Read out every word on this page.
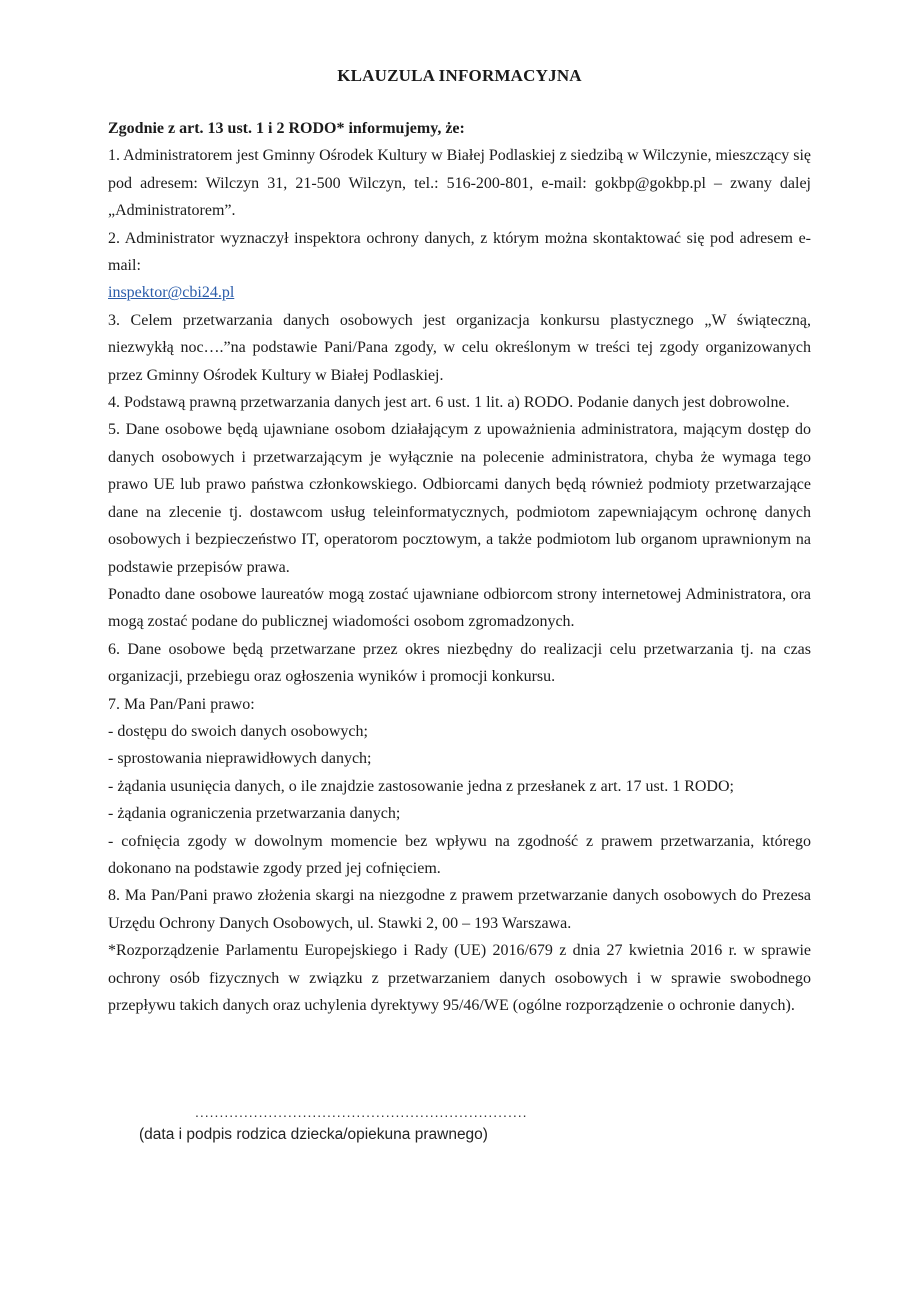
KLAUZULA INFORMACYJNA

Zgodnie z art. 13 ust. 1 i 2 RODO* informujemy, że:

1. Administratorem jest Gminny Ośrodek Kultury w Białej Podlaskiej z siedzibą w Wilczynie, mieszczący się pod adresem: Wilczyn 31, 21-500 Wilczyn, tel.: 516-200-801, e-mail: gokbp@gokbp.pl – zwany dalej „Administratorem”.

2. Administrator wyznaczył inspektora ochrony danych, z którym można skontaktować się pod adresem e-mail:

inspektor@cbi24.pl

3. Celem przetwarzania danych osobowych jest organizacja konkursu plastycznego „W świąteczną, niezwykłą noc….”na podstawie Pani/Pana zgody, w celu określonym w treści tej zgody organizowanych przez Gminny Ośrodek Kultury w Białej Podlaskiej.

4. Podstawą prawną przetwarzania danych jest art. 6 ust. 1 lit. a) RODO. Podanie danych jest dobrowolne.

5. Dane osobowe będą ujawniane osobom działającym z upoważnienia administratora, mającym dostęp do danych osobowych i przetwarzającym je wyłącznie na polecenie administratora, chyba że wymaga tego prawo UE lub prawo państwa członkowskiego. Odbiorcami danych będą również podmioty przetwarzające dane na zlecenie tj. dostawcom usług teleinformatycznych, podmiotom zapewniającym ochronę danych osobowych i bezpieczeństwo IT, operatorom pocztowym, a także podmiotom lub organom uprawnionym na podstawie przepisów prawa.

Ponadto dane osobowe laureatów mogą zostać ujawniane odbiorcom strony internetowej Administratora, ora mogą zostać podane do publicznej wiadomości osobom zgromadzonych.

6. Dane osobowe będą przetwarzane przez okres niezbędny do realizacji celu przetwarzania tj. na czas organizacji, przebiegu oraz ogłoszenia wyników i promocji konkursu.

7. Ma Pan/Pani prawo:

- dostępu do swoich danych osobowych;

- sprostowania nieprawidłowych danych;

- żądania usunięcia danych, o ile znajdzie zastosowanie jedna z przesłanek z art. 17 ust. 1 RODO;

- żądania ograniczenia przetwarzania danych;

- cofnięcia zgody w dowolnym momencie bez wpływu na zgodność z prawem przetwarzania, którego dokonano na podstawie zgody przed jej cofnięciem.

8. Ma Pan/Pani prawo złożenia skargi na niezgodne z prawem przetwarzanie danych osobowych do Prezesa Urzędu Ochrony Danych Osobowych, ul. Stawki 2, 00 – 193 Warszawa.

*Rozporządzenie Parlamentu Europejskiego i Rady (UE) 2016/679 z dnia 27 kwietnia 2016 r. w sprawie ochrony osób fizycznych w związku z przetwarzaniem danych osobowych i w sprawie swobodnego przepływu takich danych oraz uchylenia dyrektywy 95/46/WE (ogólne rozporządzenie o ochronie danych).

....................................................................
(data i podpis rodzica dziecka/opiekuna prawnego)
